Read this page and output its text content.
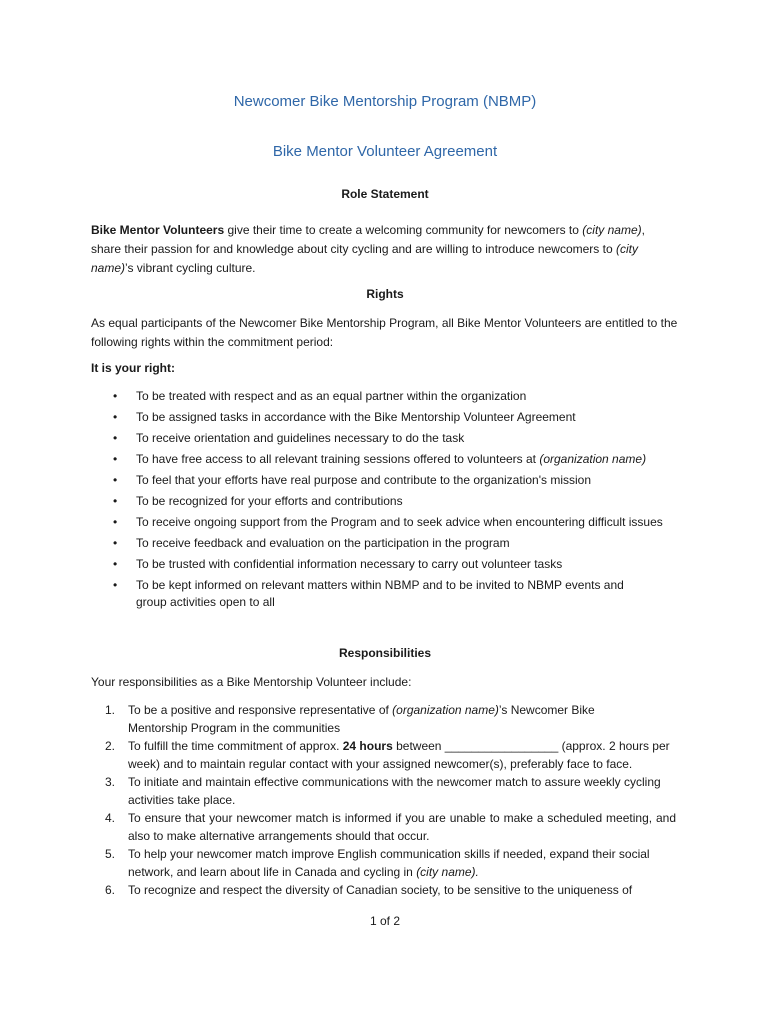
Newcomer Bike Mentorship Program (NBMP)
Bike Mentor Volunteer Agreement
Role Statement
Bike Mentor Volunteers give their time to create a welcoming community for newcomers to (city name), share their passion for and knowledge about city cycling and are willing to introduce newcomers to (city name)’s vibrant cycling culture.
Rights
As equal participants of the Newcomer Bike Mentorship Program, all Bike Mentor Volunteers are entitled to the following rights within the commitment period:
It is your right:
• To be treated with respect and as an equal partner within the organization
• To be assigned tasks in accordance with the Bike Mentorship Volunteer Agreement
• To receive orientation and guidelines necessary to do the task
• To have free access to all relevant training sessions offered to volunteers at (organization name)
• To feel that your efforts have real purpose and contribute to the organization's mission
• To be recognized for your efforts and contributions
• To receive ongoing support from the Program and to seek advice when encountering difficult issues
• To receive feedback and evaluation on the participation in the program
• To be trusted with confidential information necessary to carry out volunteer tasks
• To be kept informed on relevant matters within NBMP and to be invited to NBMP events and group activities open to all
Responsibilities
Your responsibilities as a Bike Mentorship Volunteer include:
1. To be a positive and responsive representative of (organization name)’s Newcomer Bike Mentorship Program in the communities
2. To fulfill the time commitment of approx. 24 hours between _________________ (approx. 2 hours per week) and to maintain regular contact with your assigned newcomer(s), preferably face to face.
3. To initiate and maintain effective communications with the newcomer match to assure weekly cycling activities take place.
4. To ensure that your newcomer match is informed if you are unable to make a scheduled meeting, and also to make alternative arrangements should that occur.
5. To help your newcomer match improve English communication skills if needed, expand their social network, and learn about life in Canada and cycling in (city name).
6. To recognize and respect the diversity of Canadian society, to be sensitive to the uniqueness of
1 of 2
